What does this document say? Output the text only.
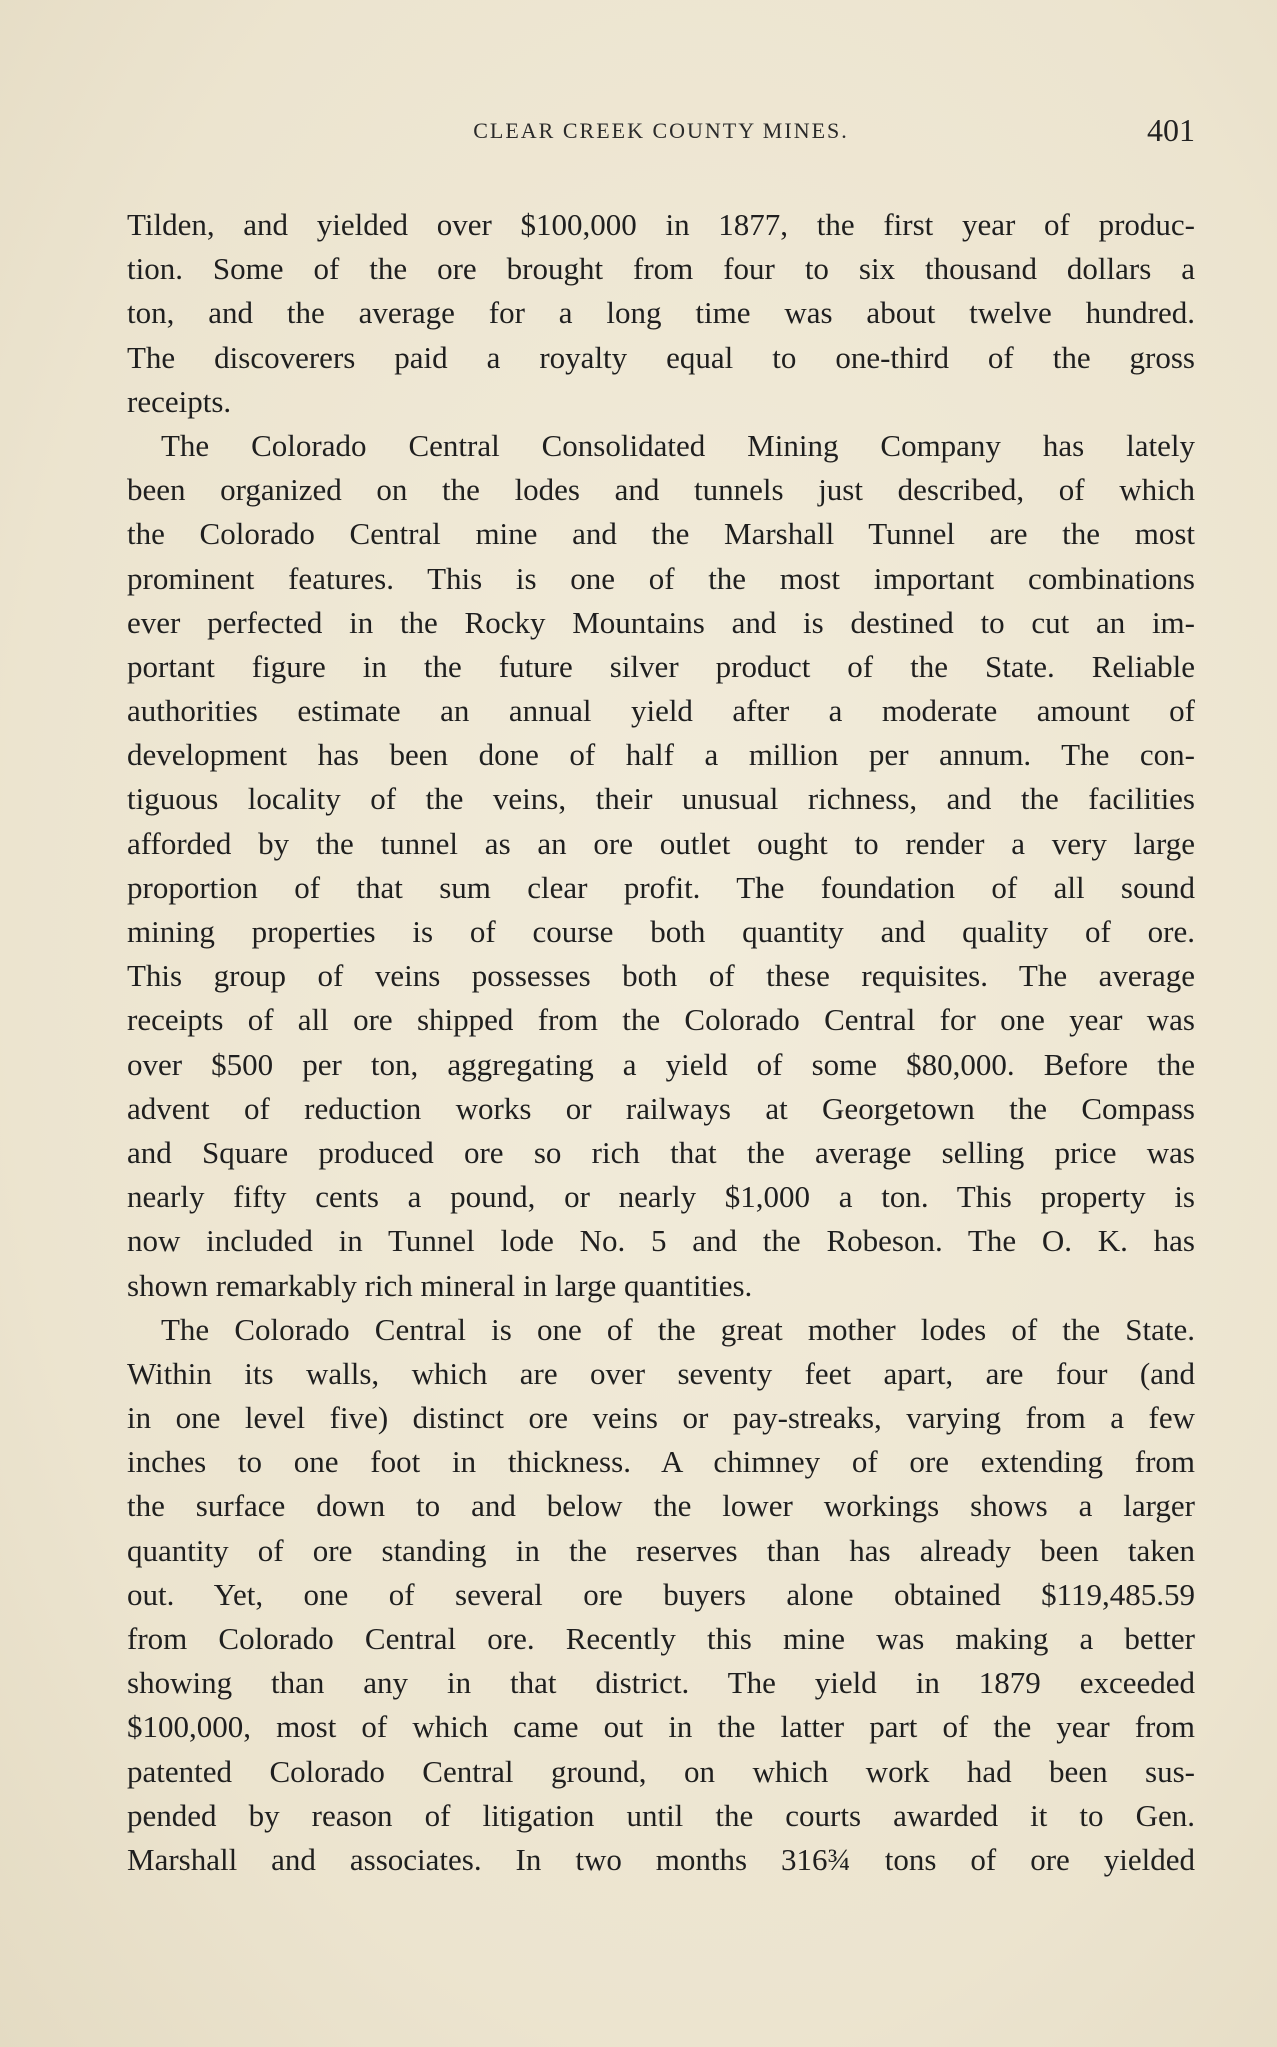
CLEAR CREEK COUNTY MINES.	401
Tilden, and yielded over $100,000 in 1877, the first year of produc-
tion. Some of the ore brought from four to six thousand dollars a
ton, and the average for a long time was about twelve hundred.
The discoverers paid a royalty equal to one-third of the gross
receipts.
The Colorado Central Consolidated Mining Company has lately
been organized on the lodes and tunnels just described, of which
the Colorado Central mine and the Marshall Tunnel are the most
prominent features. This is one of the most important combinations
ever perfected in the Rocky Mountains and is destined to cut an im-
portant figure in the future silver product of the State. Reliable
authorities estimate an annual yield after a moderate amount of
development has been done of half a million per annum. The con-
tiguous locality of the veins, their unusual richness, and the facilities
afforded by the tunnel as an ore outlet ought to render a very large
proportion of that sum clear profit. The foundation of all sound
mining properties is of course both quantity and quality of ore.
This group of veins possesses both of these requisites. The average
receipts of all ore shipped from the Colorado Central for one year was
over $500 per ton, aggregating a yield of some $80,000. Before the
advent of reduction works or railways at Georgetown the Compass
and Square produced ore so rich that the average selling price was
nearly fifty cents a pound, or nearly $1,000 a ton. This property is
now included in Tunnel lode No. 5 and the Robeson. The O. K. has
shown remarkably rich mineral in large quantities.
The Colorado Central is one of the great mother lodes of the State.
Within its walls, which are over seventy feet apart, are four (and
in one level five) distinct ore veins or pay-streaks, varying from a few
inches to one foot in thickness. A chimney of ore extending from
the surface down to and below the lower workings shows a larger
quantity of ore standing in the reserves than has already been taken
out. Yet, one of several ore buyers alone obtained $119,485.59
from Colorado Central ore. Recently this mine was making a better
showing than any in that district. The yield in 1879 exceeded
$100,000, most of which came out in the latter part of the year from
patented Colorado Central ground, on which work had been sus-
pended by reason of litigation until the courts awarded it to Gen.
Marshall and associates. In two months 316¾ tons of ore yielded
